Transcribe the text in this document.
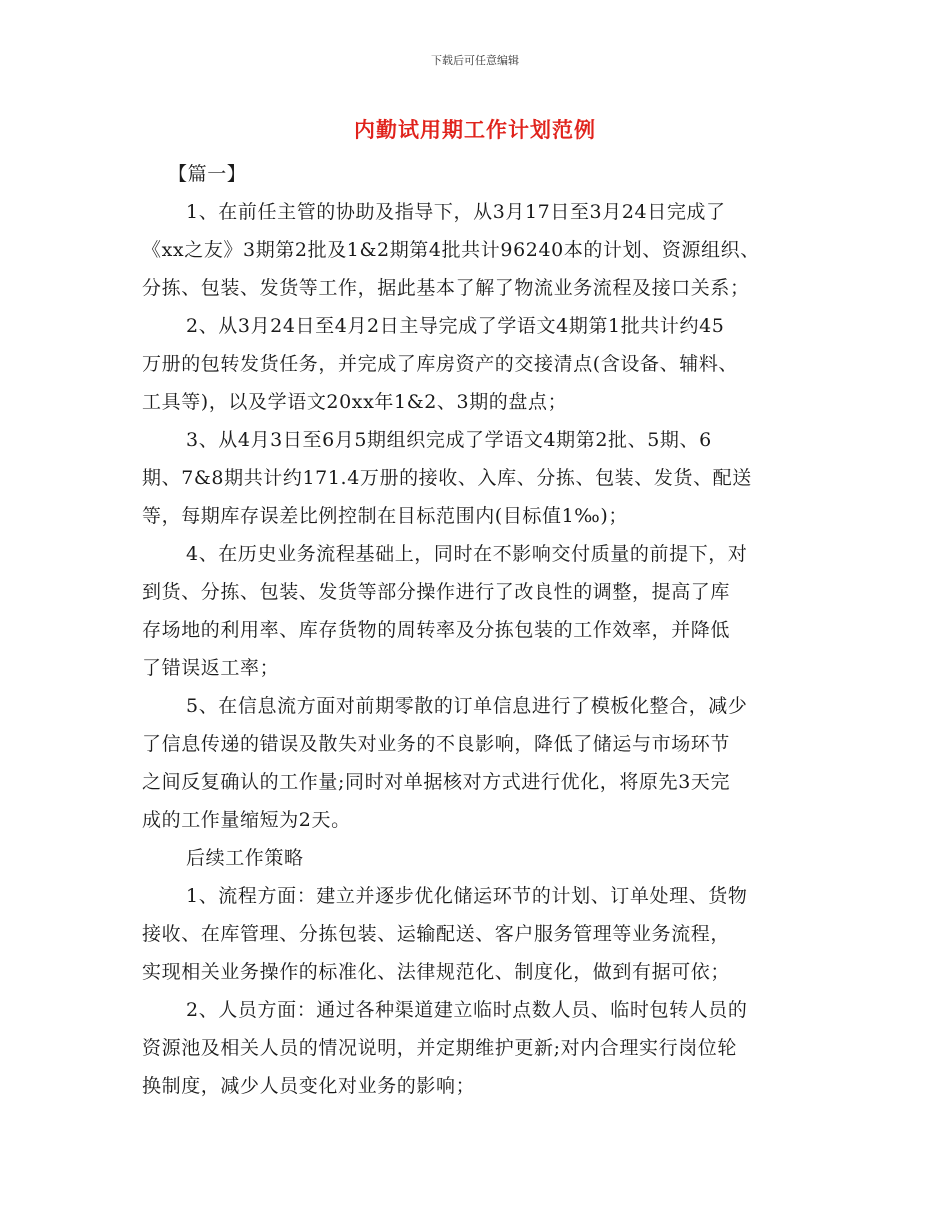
下载后可任意编辑
内勤试用期工作计划范例
【篇一】
1、在前任主管的协助及指导下，从3月17日至3月24日完成了
《xx之友》3期第2批及1&2期第4批共计96240本的计划、资源组织、
分拣、包装、发货等工作，据此基本了解了物流业务流程及接口关系；
2、从3月24日至4月2日主导完成了学语文4期第1批共计约45
万册的包转发货任务，并完成了库房资产的交接清点(含设备、辅料、
工具等)，以及学语文20xx年1&2、3期的盘点；
3、从4月3日至6月5期组织完成了学语文4期第2批、5期、6
期、7&8期共计约171.4万册的接收、入库、分拣、包装、发货、配送
等，每期库存误差比例控制在目标范围内(目标值1‰)；
4、在历史业务流程基础上，同时在不影响交付质量的前提下，对
到货、分拣、包装、发货等部分操作进行了改良性的调整，提高了库
存场地的利用率、库存货物的周转率及分拣包装的工作效率，并降低
了错误返工率；
5、在信息流方面对前期零散的订单信息进行了模板化整合，减少
了信息传递的错误及散失对业务的不良影响，降低了储运与市场环节
之间反复确认的工作量;同时对单据核对方式进行优化，将原先3天完
成的工作量缩短为2天。
后续工作策略
1、流程方面：建立并逐步优化储运环节的计划、订单处理、货物
接收、在库管理、分拣包装、运输配送、客户服务管理等业务流程，
实现相关业务操作的标准化、法律规范化、制度化，做到有据可依；
2、人员方面：通过各种渠道建立临时点数人员、临时包转人员的
资源池及相关人员的情况说明，并定期维护更新;对内合理实行岗位轮
换制度，减少人员变化对业务的影响；
